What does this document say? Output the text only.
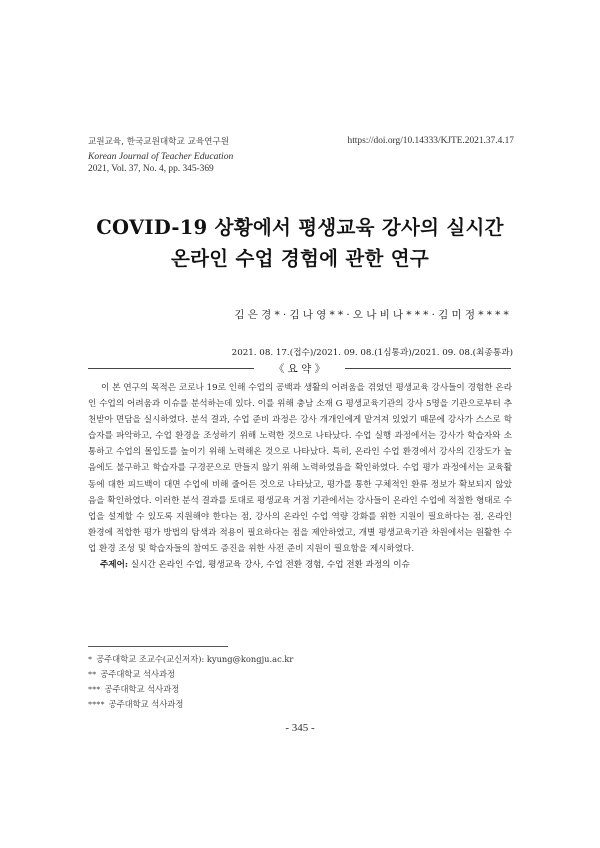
교원교육, 한국교원대학교 교육연구원
Korean Journal of Teacher Education
2021, Vol. 37, No. 4, pp. 345-369
https://doi.org/10.14333/KJTE.2021.37.4.17
COVID-19 상황에서 평생교육 강사의 실시간
온라인 수업 경험에 관한 연구
김은경*·김나영**·오나비나***·김미정****
2021. 08. 17.(접수)/2021. 09. 08.(1심통과)/2021. 09. 08.(최종통과)
《 요 약 》

이 본 연구의 목적은 코로나 19로 인해 수업의 공백과 생활의 어려움을 겪었던 평생교육 강사들이 경험한 온라인 수업의 어려움과 이슈를 분석하는데 있다. 이를 위해 충남 소재 G 평생교육기관의 강사 5명을 기관으로부터 추천받아 면담을 실시하였다. 분석 결과, 수업 준비 과정은 강사 개개인에게 맡겨져 있었기 때문에 강사가 스스로 학습자를 파악하고, 수업 환경을 조성하기 위해 노력한 것으로 나타났다. 수업 실행 과정에서는 강사가 학습자와 소통하고 수업의 몰입도를 높이기 위해 노력해온 것으로 나타났다. 특히, 온라인 수업 환경에서 강사의 긴장도가 높음에도 불구하고 학습자를 구경꾼으로 만들지 않기 위해 노력하였음을 확인하였다. 수업 평가 과정에서는 교육활동에 대한 피드백이 대면 수업에 비해 줄어든 것으로 나타났고, 평가를 통한 구체적인 환류 정보가 확보되지 않았음을 확인하였다. 이러한 분석 결과를 토대로 평생교육 거점 기관에서는 강사들이 온라인 수업에 적절한 형태로 수업을 설계할 수 있도록 지원해야 한다는 점, 강사의 온라인 수업 역량 강화를 위한 지원이 필요하다는 점, 온라인 환경에 적합한 평가 방법의 탐색과 적용이 필요하다는 점을 제안하였고, 개별 평생교육기관 차원에서는 원활한 수업 환경 조성 및 학습자들의 참여도 증진을 위한 사전 준비 지원이 필요함을 제시하였다.

주제어: 실시간 온라인 수업, 평생교육 강사, 수업 전환 경험, 수업 전환 과정의 이슈
* 공주대학교 조교수(교신저자): kyung@kongju.ac.kr
** 공주대학교 석사과정
*** 공주대학교 석사과정
**** 공주대학교 석사과정
- 345 -
